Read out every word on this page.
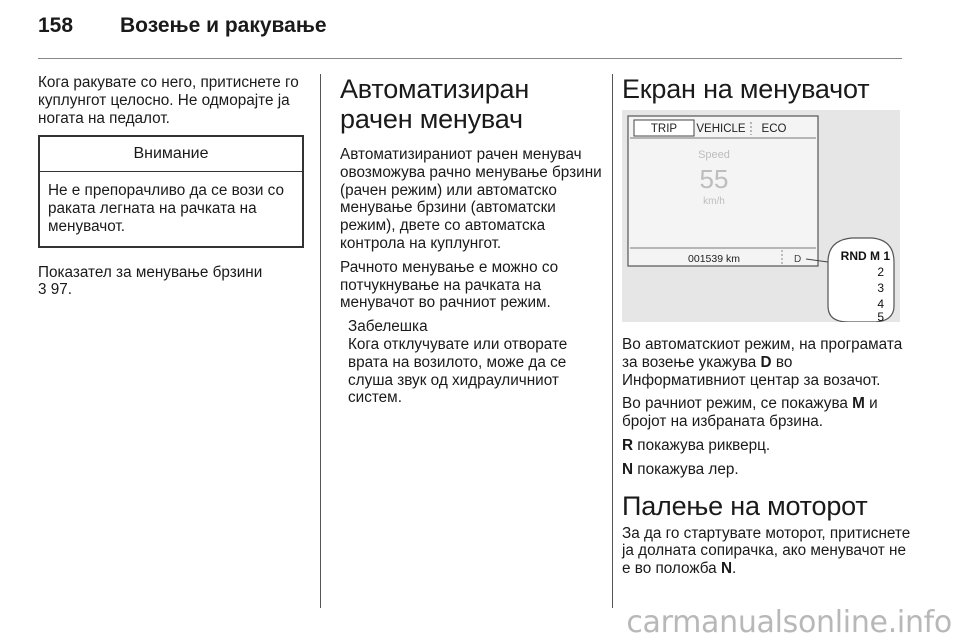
158	Возење и ракување

Кога ракувате со него, притиснете го куплунгот целосно. Не одморајте ја ногата на педалот.

Внимание
Не е препорачливо да се вози со раката легната на рачката на менувачот.

Показател за менување брзини
3 97.

Автоматизиран рачен менувач

Автоматизираниот рачен менувач овозможува рачно менување брзини (рачен режим) или автоматско менување брзини (автоматски режим), двете со автоматска контрола на куплунгот.

Рачното менување е можно со потчукнување на рачката на менувачот во рачниот режим.

Забелешка
Кога отклучувате или отворате врата на возилото, може да се слуша звук од хидрауличниот систем.
Екран на менувачот
TRIP VEHICLE ECO
Speed
55
km/h
001539 km	D	RND M 1
2
3
4
5

Во автоматскиот режим, на програмата за возење укажува D во Информативниот центар за возачот.

Во рачниот режим, се покажува M и бројот на избраната брзина.

R покажува рикверц.

N покажува лер.

Палење на моторот

За да го стартувате моторот, притиснете ја долната сопирачка, ако менувачот не е во положба N.

carmanualsonline.info
